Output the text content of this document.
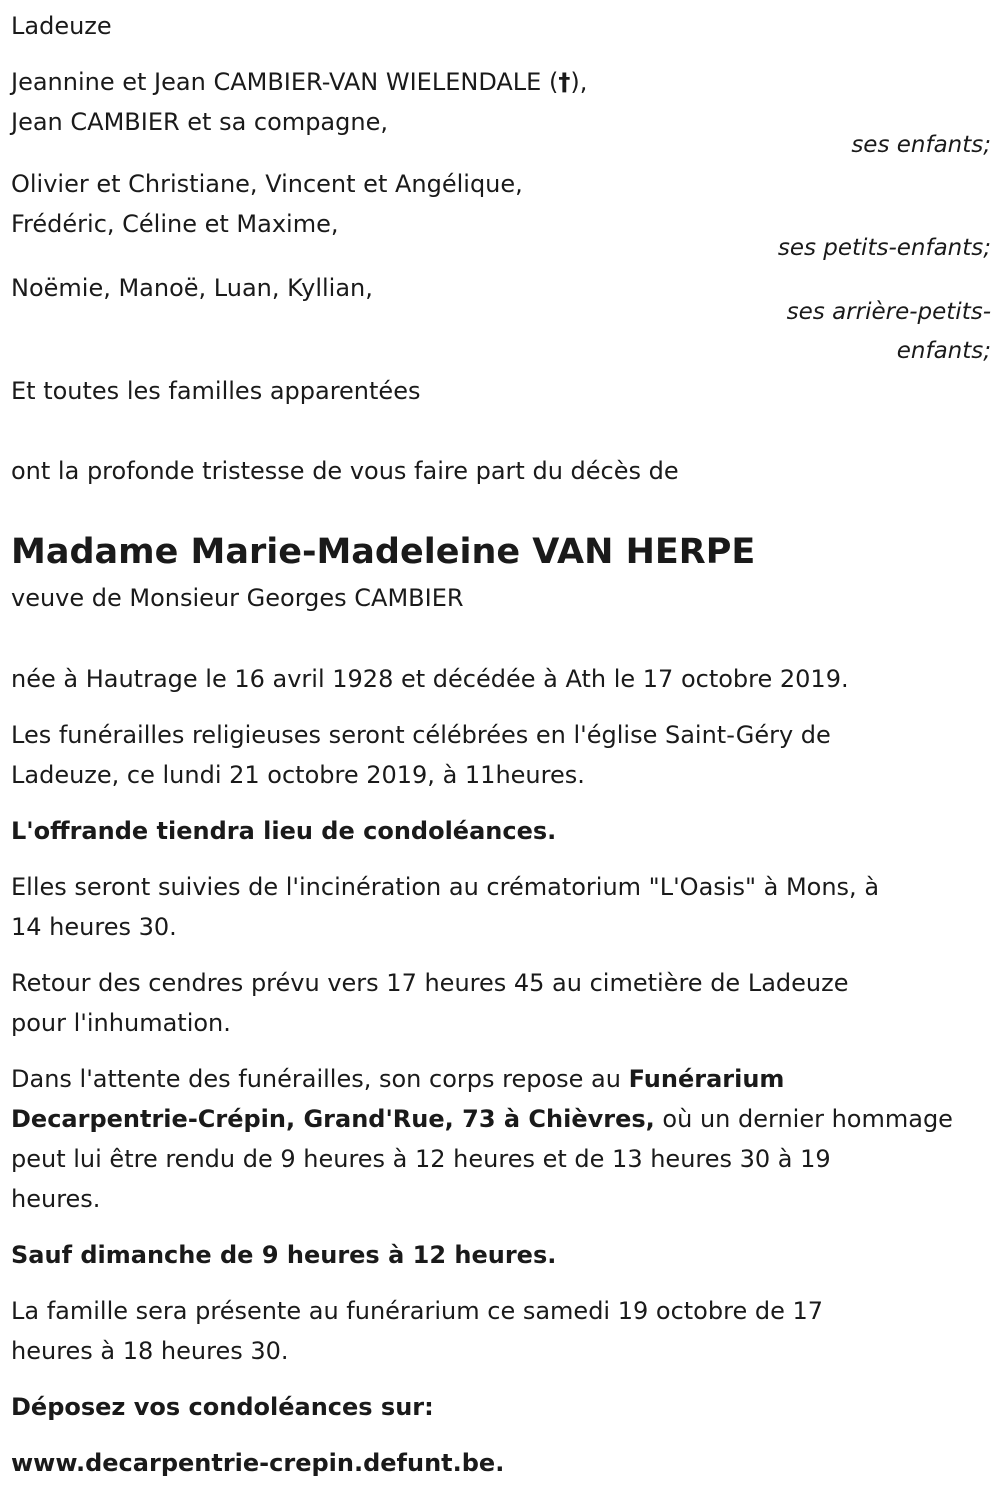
Ladeuze
Jeannine et Jean CAMBIER-VAN WIELENDALE (†),
Jean CAMBIER et sa compagne,
ses enfants;
Olivier et Christiane, Vincent et Angélique,
Frédéric, Céline et Maxime,
ses petits-enfants;
Noëmie, Manoë, Luan, Kyllian,
ses arrière-petits-
enfants;
Et toutes les familles apparentées
ont la profonde tristesse de vous faire part du décès de
Madame Marie-Madeleine VAN HERPE
veuve de Monsieur Georges CAMBIER
née à Hautrage le 16 avril 1928 et décédée à Ath le 17 octobre 2019.
Les funérailles religieuses seront célébrées en l'église Saint-Géry de
Ladeuze, ce lundi 21 octobre 2019, à 11heures.
L'offrande tiendra lieu de condoléances.
Elles seront suivies de l'incinération au crématorium "L'Oasis" à Mons, à
14 heures 30.
Retour des cendres prévu vers 17 heures 45 au cimetière de Ladeuze
pour l'inhumation.
Dans l'attente des funérailles, son corps repose au Funérarium
Decarpentrie-Crépin, Grand'Rue, 73 à Chièvres, où un dernier hommage
peut lui être rendu de 9 heures à 12 heures et de 13 heures 30 à 19
heures.
Sauf dimanche de 9 heures à 12 heures.
La famille sera présente au funérarium ce samedi 19 octobre de 17
heures à 18 heures 30.
Déposez vos condoléances sur:
www.decarpentrie-crepin.defunt.be.
